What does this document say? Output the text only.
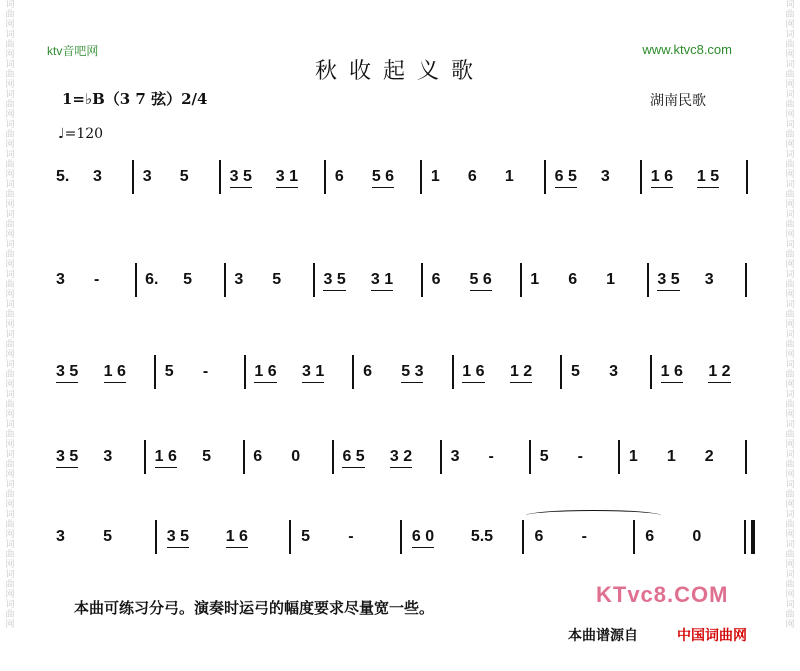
词曲网词曲网词曲网词曲网词曲网词曲网词曲网词曲网词曲网词曲网词曲网词曲网词曲网词曲网词曲网词曲网词曲网词曲网词曲网词曲网词曲网
词曲网词曲网词曲网词曲网词曲网词曲网词曲网词曲网词曲网词曲网词曲网词曲网词曲网词曲网词曲网词曲网词曲网词曲网词曲网词曲网词曲网
ktv音吧网	www.ktvc8.com
秋收起义歌
1=♭B（3 7 弦）2/4	湖南民歌
♩=120
5. 3	3 5	3 5 3 1 6 5 6 1 6 1	6 5 3	1 6 1 5
3 -	6. 5	3 5	3 5 3 1 6 5 6 1 6 1	3 5 3
3 5 1 6 5 -	1 6 3 1 6 5 3 1 6 1 2 5 3	1 6 1 2
3 5 3	1 6 5	6 0	6 5 3 2 3 -	5 -	1 1 2
3 5	3 5 1 6	5 -	6 0 5.5	6 -	6 0
本曲可练习分弓。演奏时运弓的幅度要求尽量宽一些。
KTvc8.COM
本曲谱源自	中国词曲网
